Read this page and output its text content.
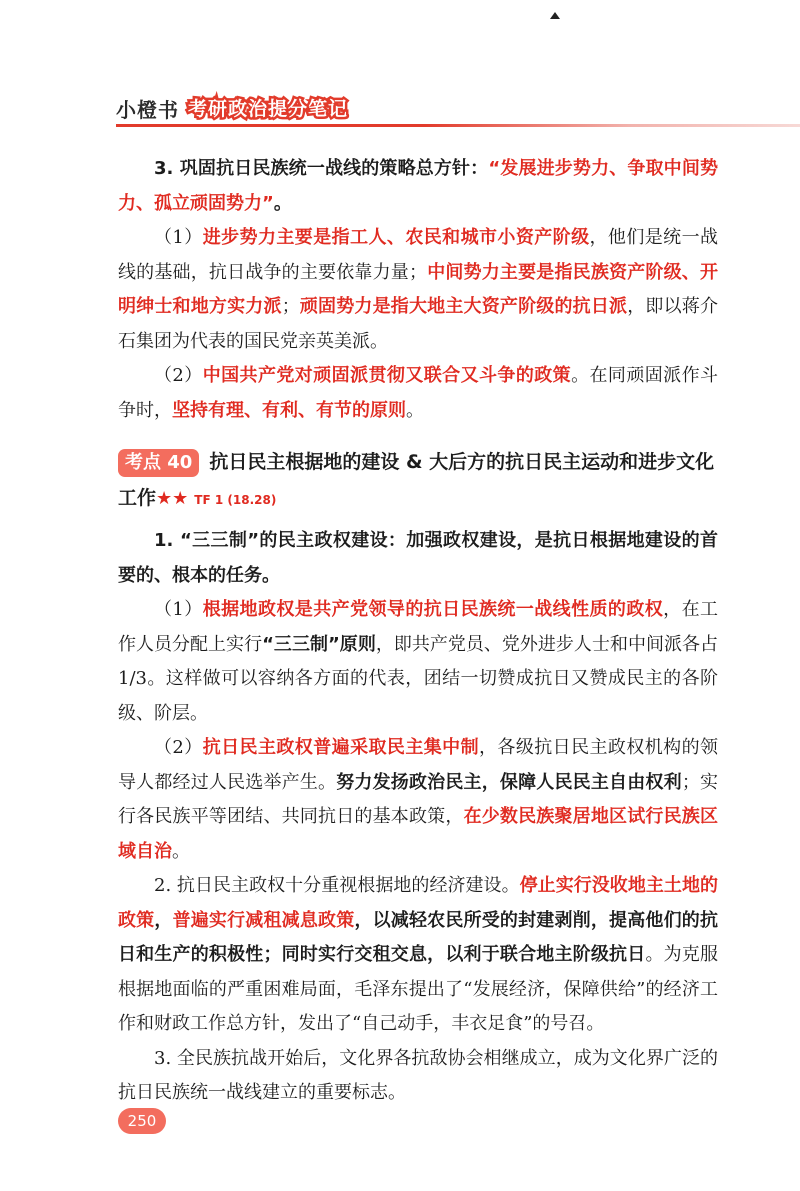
小橙书 考研政治提分笔记

3. 巩固抗日民族统一战线的策略总方针：“发展进步势力、争取中间势力、孤立顽固势力”。

（1）进步势力主要是指工人、农民和城市小资产阶级，他们是统一战线的基础，抗日战争的主要依靠力量；中间势力主要是指民族资产阶级、开明绅士和地方实力派；顽固势力是指大地主大资产阶级的抗日派，即以蒋介石集团为代表的国民党亲英美派。

（2）中国共产党对顽固派贯彻又联合又斗争的政策。在同顽固派作斗争时，坚持有理、有利、有节的原则。

考点 40 抗日民主根据地的建设 & 大后方的抗日民主运动和进步文化工作★★ TF 1 (18.28)

1. “三三制”的民主政权建设：加强政权建设，是抗日根据地建设的首要的、根本的任务。

（1）根据地政权是共产党领导的抗日民族统一战线性质的政权，在工作人员分配上实行“三三制”原则，即共产党员、党外进步人士和中间派各占 1/3。这样做可以容纳各方面的代表，团结一切赞成抗日又赞成民主的各阶级、阶层。

（2）抗日民主政权普遍采取民主集中制，各级抗日民主政权机构的领导人都经过人民选举产生。努力发扬政治民主，保障人民民主自由权利；实行各民族平等团结、共同抗日的基本政策，在少数民族聚居地区试行民族区域自治。

2. 抗日民主政权十分重视根据地的经济建设。停止实行没收地主土地的政策，普遍实行减租减息政策，以减轻农民所受的封建剥削，提高他们的抗日和生产的积极性；同时实行交租交息，以利于联合地主阶级抗日。为克服根据地面临的严重困难局面，毛泽东提出了“发展经济，保障供给”的经济工作和财政工作总方针，发出了“自己动手，丰衣足食”的号召。

3. 全民族抗战开始后，文化界各抗敌协会相继成立，成为文化界广泛的抗日民族统一战线建立的重要标志。

250
